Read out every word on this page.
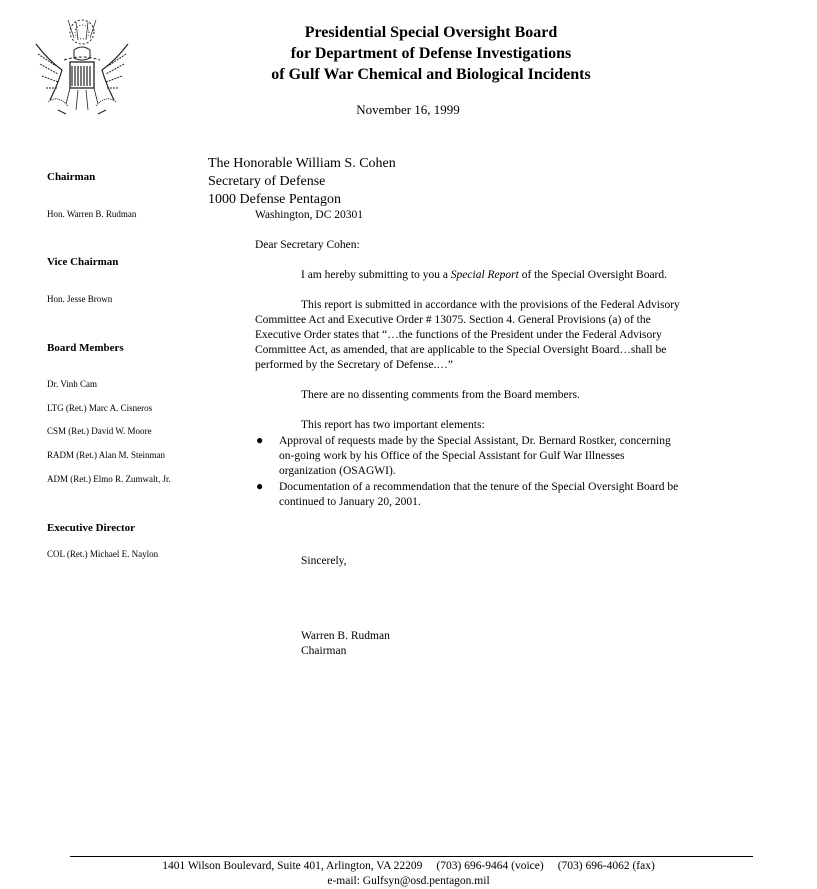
Presidential Special Oversight Board
for Department of Defense Investigations
of Gulf War Chemical and Biological Incidents
November 16, 1999
Chairman
Hon. Warren B. Rudman
Vice Chairman
Hon. Jesse Brown
Board Members
Dr. Vinh Cam
LTG (Ret.) Marc A. Cisneros
CSM (Ret.) David W. Moore
RADM (Ret.) Alan M. Steinman
ADM (Ret.) Elmo R. Zumwalt, Jr.
Executive Director
COL (Ret.) Michael E. Naylon
The Honorable William S. Cohen
Secretary of Defense
1000 Defense Pentagon
Washington, DC 20301
Dear Secretary Cohen:
I am hereby submitting to you a Special Report of the Special Oversight Board.
This report is submitted in accordance with the provisions of the Federal Advisory
Committee Act and Executive Order # 13075. Section 4. General Provisions (a) of the
Executive Order states that “…the functions of the President under the Federal Advisory
Committee Act, as amended, that are applicable to the Special Oversight Board…shall be
performed by the Secretary of Defense.…”
There are no dissenting comments from the Board members.
This report has two important elements:
● Approval of requests made by the Special Assistant, Dr. Bernard Rostker, concerning
on-going work by his Office of the Special Assistant for Gulf War Illnesses
organization (OSAGWI).
● Documentation of a recommendation that the tenure of the Special Oversight Board be
continued to January 20, 2001.
Sincerely,
Warren B. Rudman
Chairman
1401 Wilson Boulevard, Suite 401, Arlington, VA 22209 (703) 696-9464 (voice) (703) 696-4062 (fax)
e-mail: Gulfsyn@osd.pentagon.mil
